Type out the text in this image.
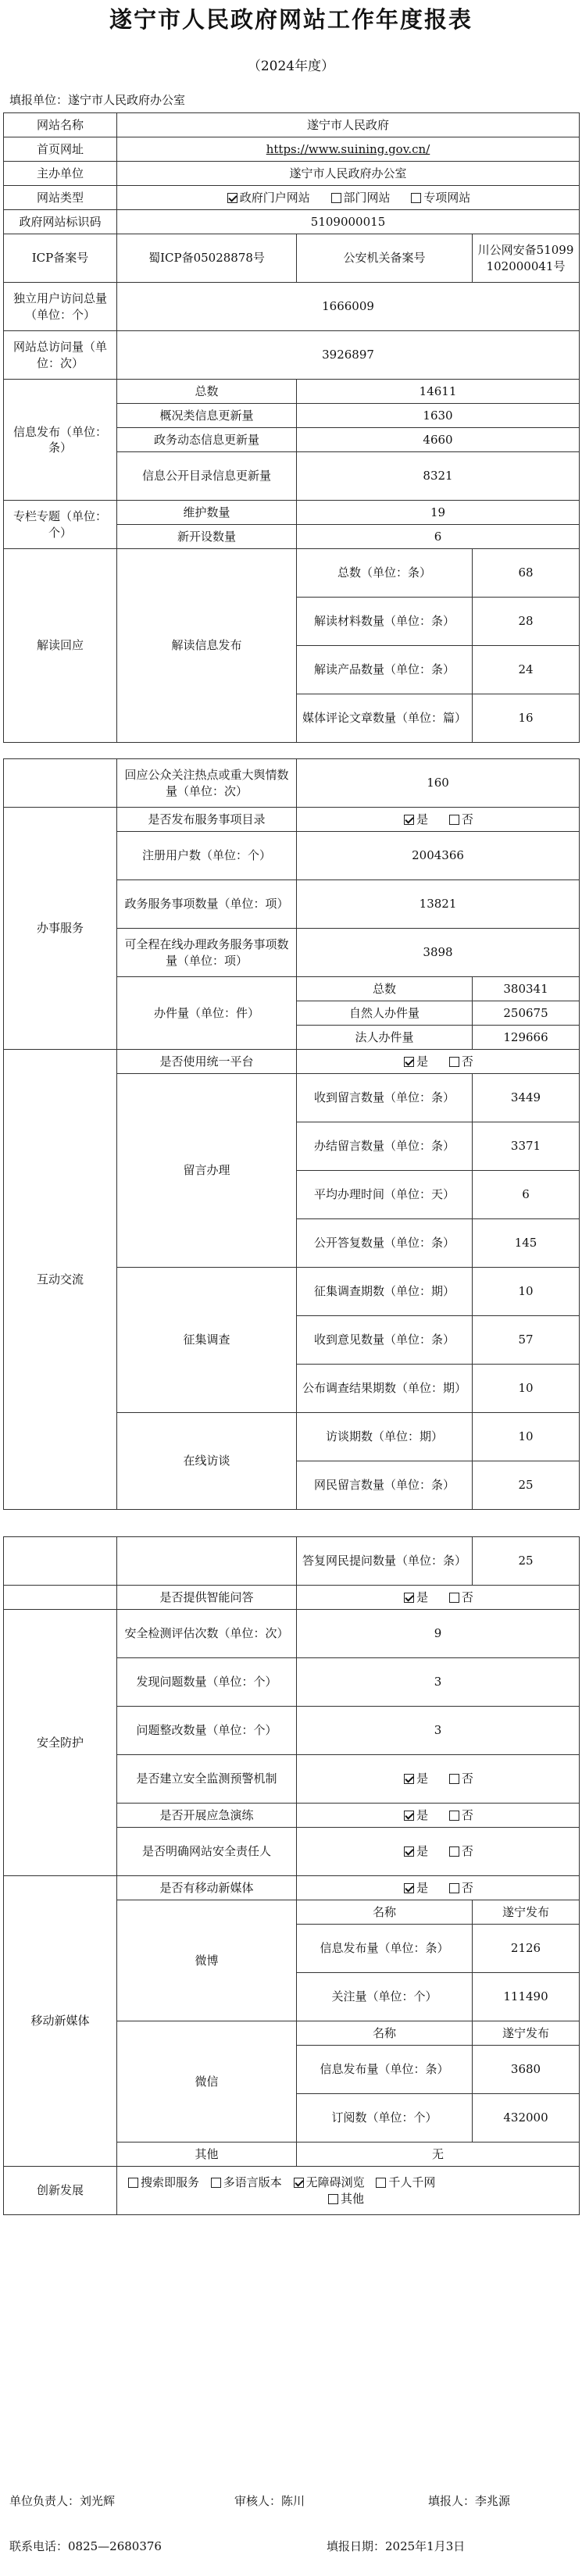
遂宁市人民政府网站工作年度报表
（2024年度）
填报单位：遂宁市人民政府办公室
网站名称	遂宁市人民政府		
首页网址	https://www.suining.gov.cn/		
主办单位	遂宁市人民政府办公室		
网站类型	政府门户网站 部门网站 专项网站		
政府网站标识码	5109000015		
ICP备案号	蜀ICP备05028878号	公安机关备案号	川公网安备51099102000041号
独立用户访问总量（单位：个）	1666009		
网站总访问量（单位：次）	3926897		
信息发布（单位：条）	总数	14611	
	概况类信息更新量	1630	
	政务动态信息更新量	4660	
	信息公开目录信息更新量	8321	
专栏专题（单位：个）	维护数量	19	
	新开设数量	6	
解读回应	解读信息发布	总数（单位：条）	68
		解读材料数量（单位：条）	28
		解读产品数量（单位：条）	24
		媒体评论文章数量（单位：篇）	16
	回应公众关注热点或重大舆情数量（单位：次）	160	
办事服务	是否发布服务事项目录	是 否	
	注册用户数（单位：个）	2004366	
	政务服务事项数量（单位：项）	13821	
	可全程在线办理政务服务事项数量（单位：项）	3898	
	办件量（单位：件）	总数	380341
		自然人办件量	250675
		法人办件量	129666
互动交流	是否使用统一平台	是 否	
	留言办理	收到留言数量（单位：条）	3449
		办结留言数量（单位：条）	3371
		平均办理时间（单位：天）	6
		公开答复数量（单位：条）	145
	征集调查	征集调查期数（单位：期）	10
		收到意见数量（单位：条）	57
		公布调查结果期数（单位：期）	10
	在线访谈	访谈期数（单位：期）	10
		网民留言数量（单位：条）	25
		答复网民提问数量（单位：条）	25
	是否提供智能问答	是 否	
安全防护	安全检测评估次数（单位：次）	9	
	发现问题数量（单位：个）	3	
	问题整改数量（单位：个）	3	
	是否建立安全监测预警机制	是 否	
	是否开展应急演练	是 否	
	是否明确网站安全责任人	是 否	
移动新媒体	是否有移动新媒体	是 否	
	微博	名称	遂宁发布
		信息发布量（单位：条）	2126
		关注量（单位：个）	111490
	微信	名称	遂宁发布
		信息发布量（单位：条）	3680
		订阅数（单位：个）	432000
	其他	无	
创新发展	搜索即服务 多语言版本 无障碍浏览 千人千网
其他		
单位负责人：刘光辉	审核人：陈川	填报人：李兆源
联系电话：0825—2680376	填报日期：2025年1月3日
